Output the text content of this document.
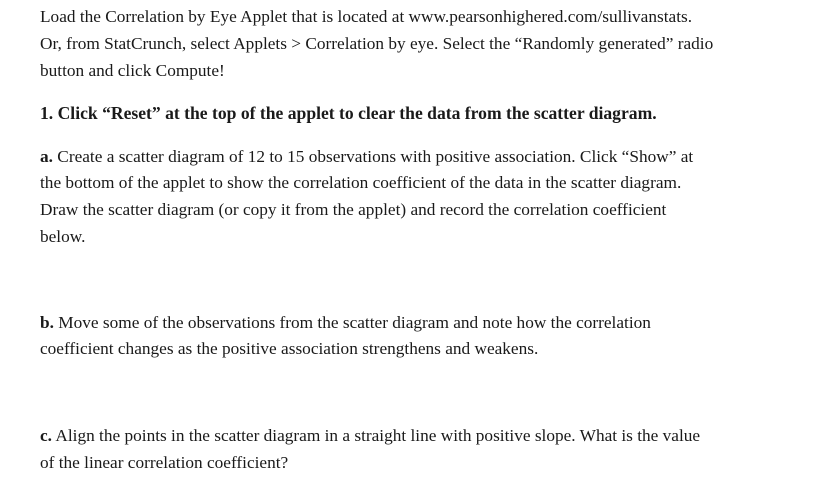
Load the Correlation by Eye Applet that is located at www.pearsonhighered.com/sullivanstats.
Or, from StatCrunch, select Applets > Correlation by eye. Select the “Randomly generated” radio
button and click Compute!
1. Click “Reset” at the top of the applet to clear the data from the scatter diagram.
a. Create a scatter diagram of 12 to 15 observations with positive association. Click “Show” at
the bottom of the applet to show the correlation coefficient of the data in the scatter diagram.
Draw the scatter diagram (or copy it from the applet) and record the correlation coefficient
below.
b. Move some of the observations from the scatter diagram and note how the correlation
coefficient changes as the positive association strengthens and weakens.
c. Align the points in the scatter diagram in a straight line with positive slope. What is the value
of the linear correlation coefficient?
